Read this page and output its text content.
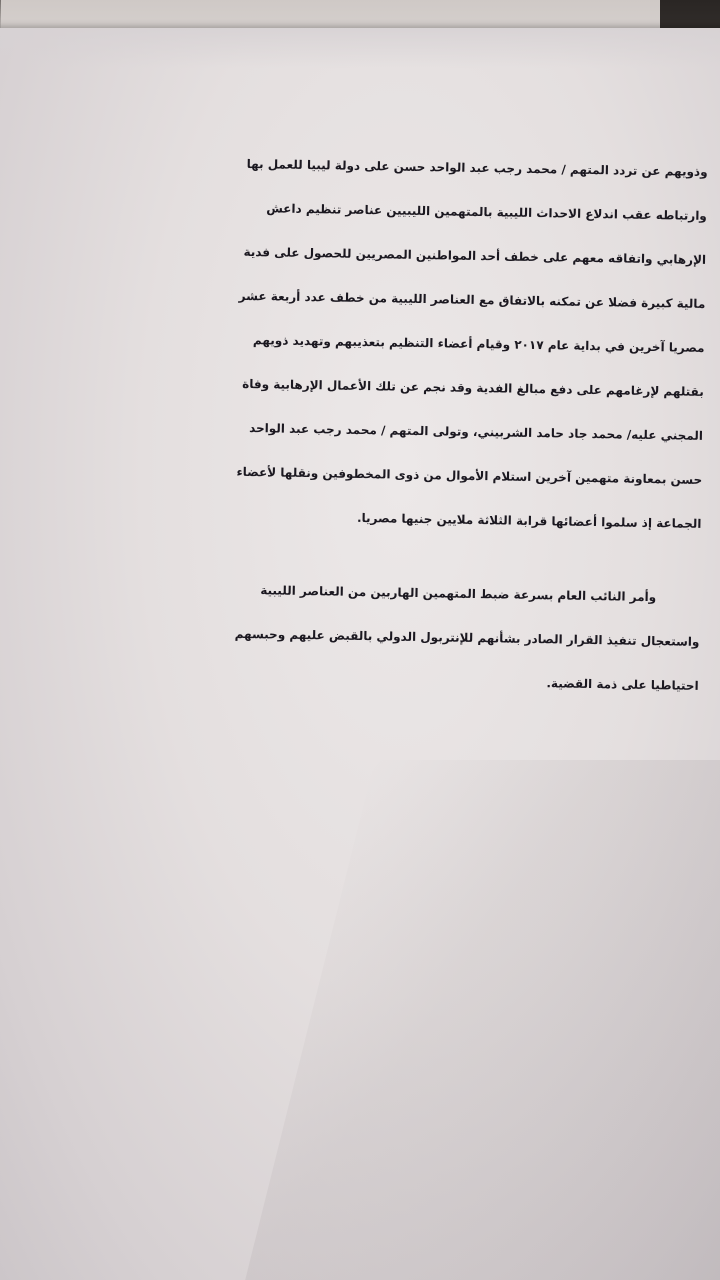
وذويهم عن تردد المتهم / محمد رجب عبد الواحد حسن على دولة ليبيا للعمل بها

وارتباطه عقب اندلاع الاحداث الليبية بالمتهمين الليبيين عناصر تنظيم داعش

الإرهابي واتفاقه معهم على خطف أحد المواطنين المصريين للحصول على فدية

مالية كبيرة فضلا عن تمكنه بالاتفاق مع العناصر الليبية من خطف عدد أربعة عشر

مصريا آخرين في بداية عام ٢٠١٧ وقيام أعضاء التنظيم بتعذيبهم وتهديد ذويهم

بقتلهم لإرغامهم على دفع مبالغ الفدية وقد نجم عن تلك الأعمال الإرهابية وفاة

المجني عليه/ محمد جاد حامد الشربيني، وتولى المتهم / محمد رجب عبد الواحد

حسن بمعاونة متهمين آخرين استلام الأموال من ذوى المخطوفين ونقلها لأعضاء

الجماعة إذ سلموا أعضائها قرابة الثلاثة ملايين جنيها مصريا.

وأمر النائب العام بسرعة ضبط المتهمين الهاربين من العناصر الليبية

واستعجال تنفيذ القرار الصادر بشأنهم للإنتربول الدولي بالقبض عليهم وحبسهم

احتياطيا على ذمة القضية.
